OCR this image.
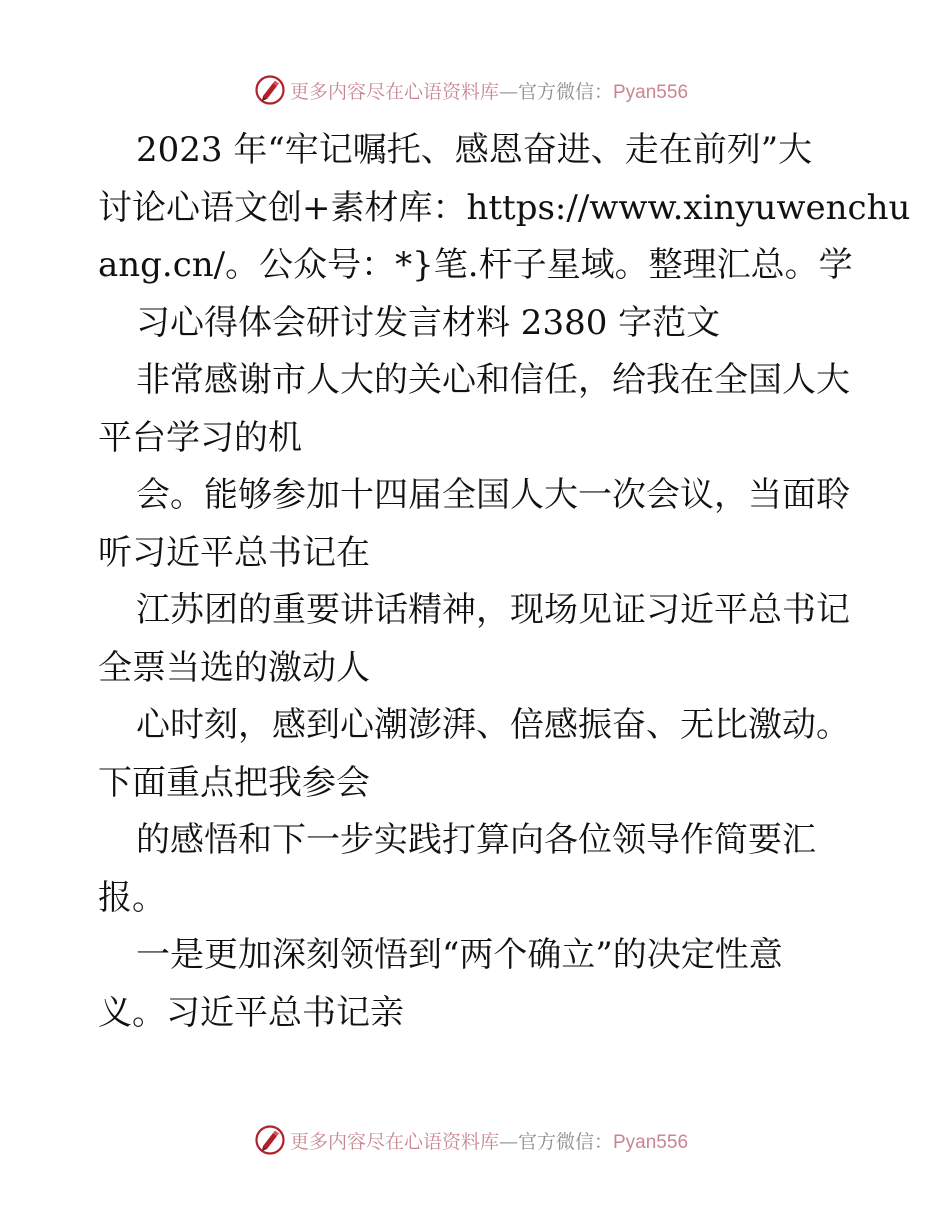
更多内容尽在心语资料库—官方微信：Pyan556
2023 年“牢记嘱托、感恩奋进、走在前列”大
讨论心语文创+素材库：https://www.xinyuwenchu
ang.cn/。公众号：*}笔.杆子星域。整理汇总。学
习心得体会研讨发言材料 2380 字范文
非常感谢市人大的关心和信任，给我在全国人大
平台学习的机
会。能够参加十四届全国人大一次会议，当面聆
听习近平总书记在
江苏团的重要讲话精神，现场见证习近平总书记
全票当选的激动人
心时刻，感到心潮澎湃、倍感振奋、无比激动。
下面重点把我参会
的感悟和下一步实践打算向各位领导作简要汇
报。
一是更加深刻领悟到“两个确立”的决定性意
义。习近平总书记亲
更多内容尽在心语资料库—官方微信：Pyan556
